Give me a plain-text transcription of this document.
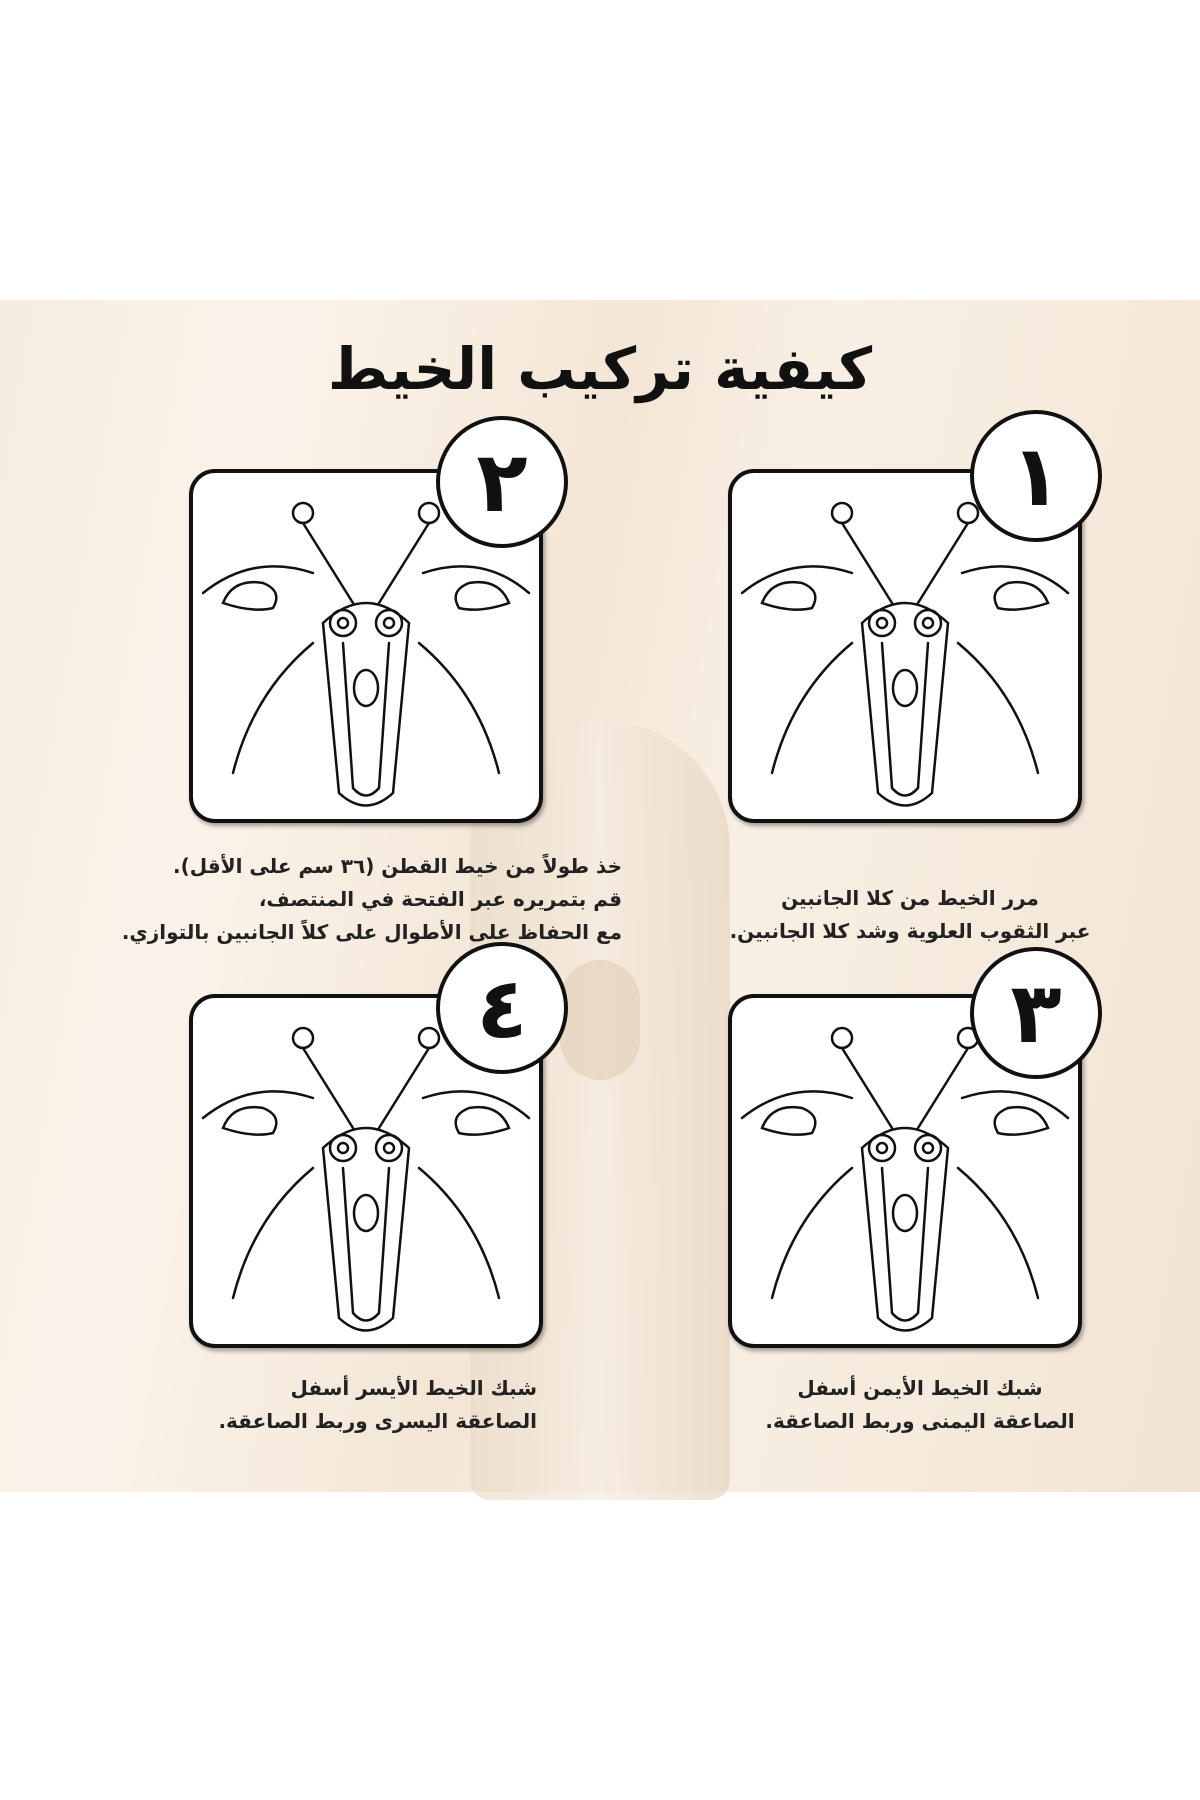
كيفية تركيب الخيط
٢	١
٤	٣
خذ طولاً من خيط القطن (٣٦ سم على الأقل).
قم بتمريره عبر الفتحة في المنتصف،
مع الحفاظ على الأطوال على كلاً الجانبين بالتوازي.
مرر الخيط من كلا الجانبين
عبر الثقوب العلوية وشد كلا الجانبين.
شبك الخيط الأيسر أسفل
الصاعقة اليسرى وربط الصاعقة.
شبك الخيط الأيمن أسفل
الصاعقة اليمنى وربط الصاعقة.
